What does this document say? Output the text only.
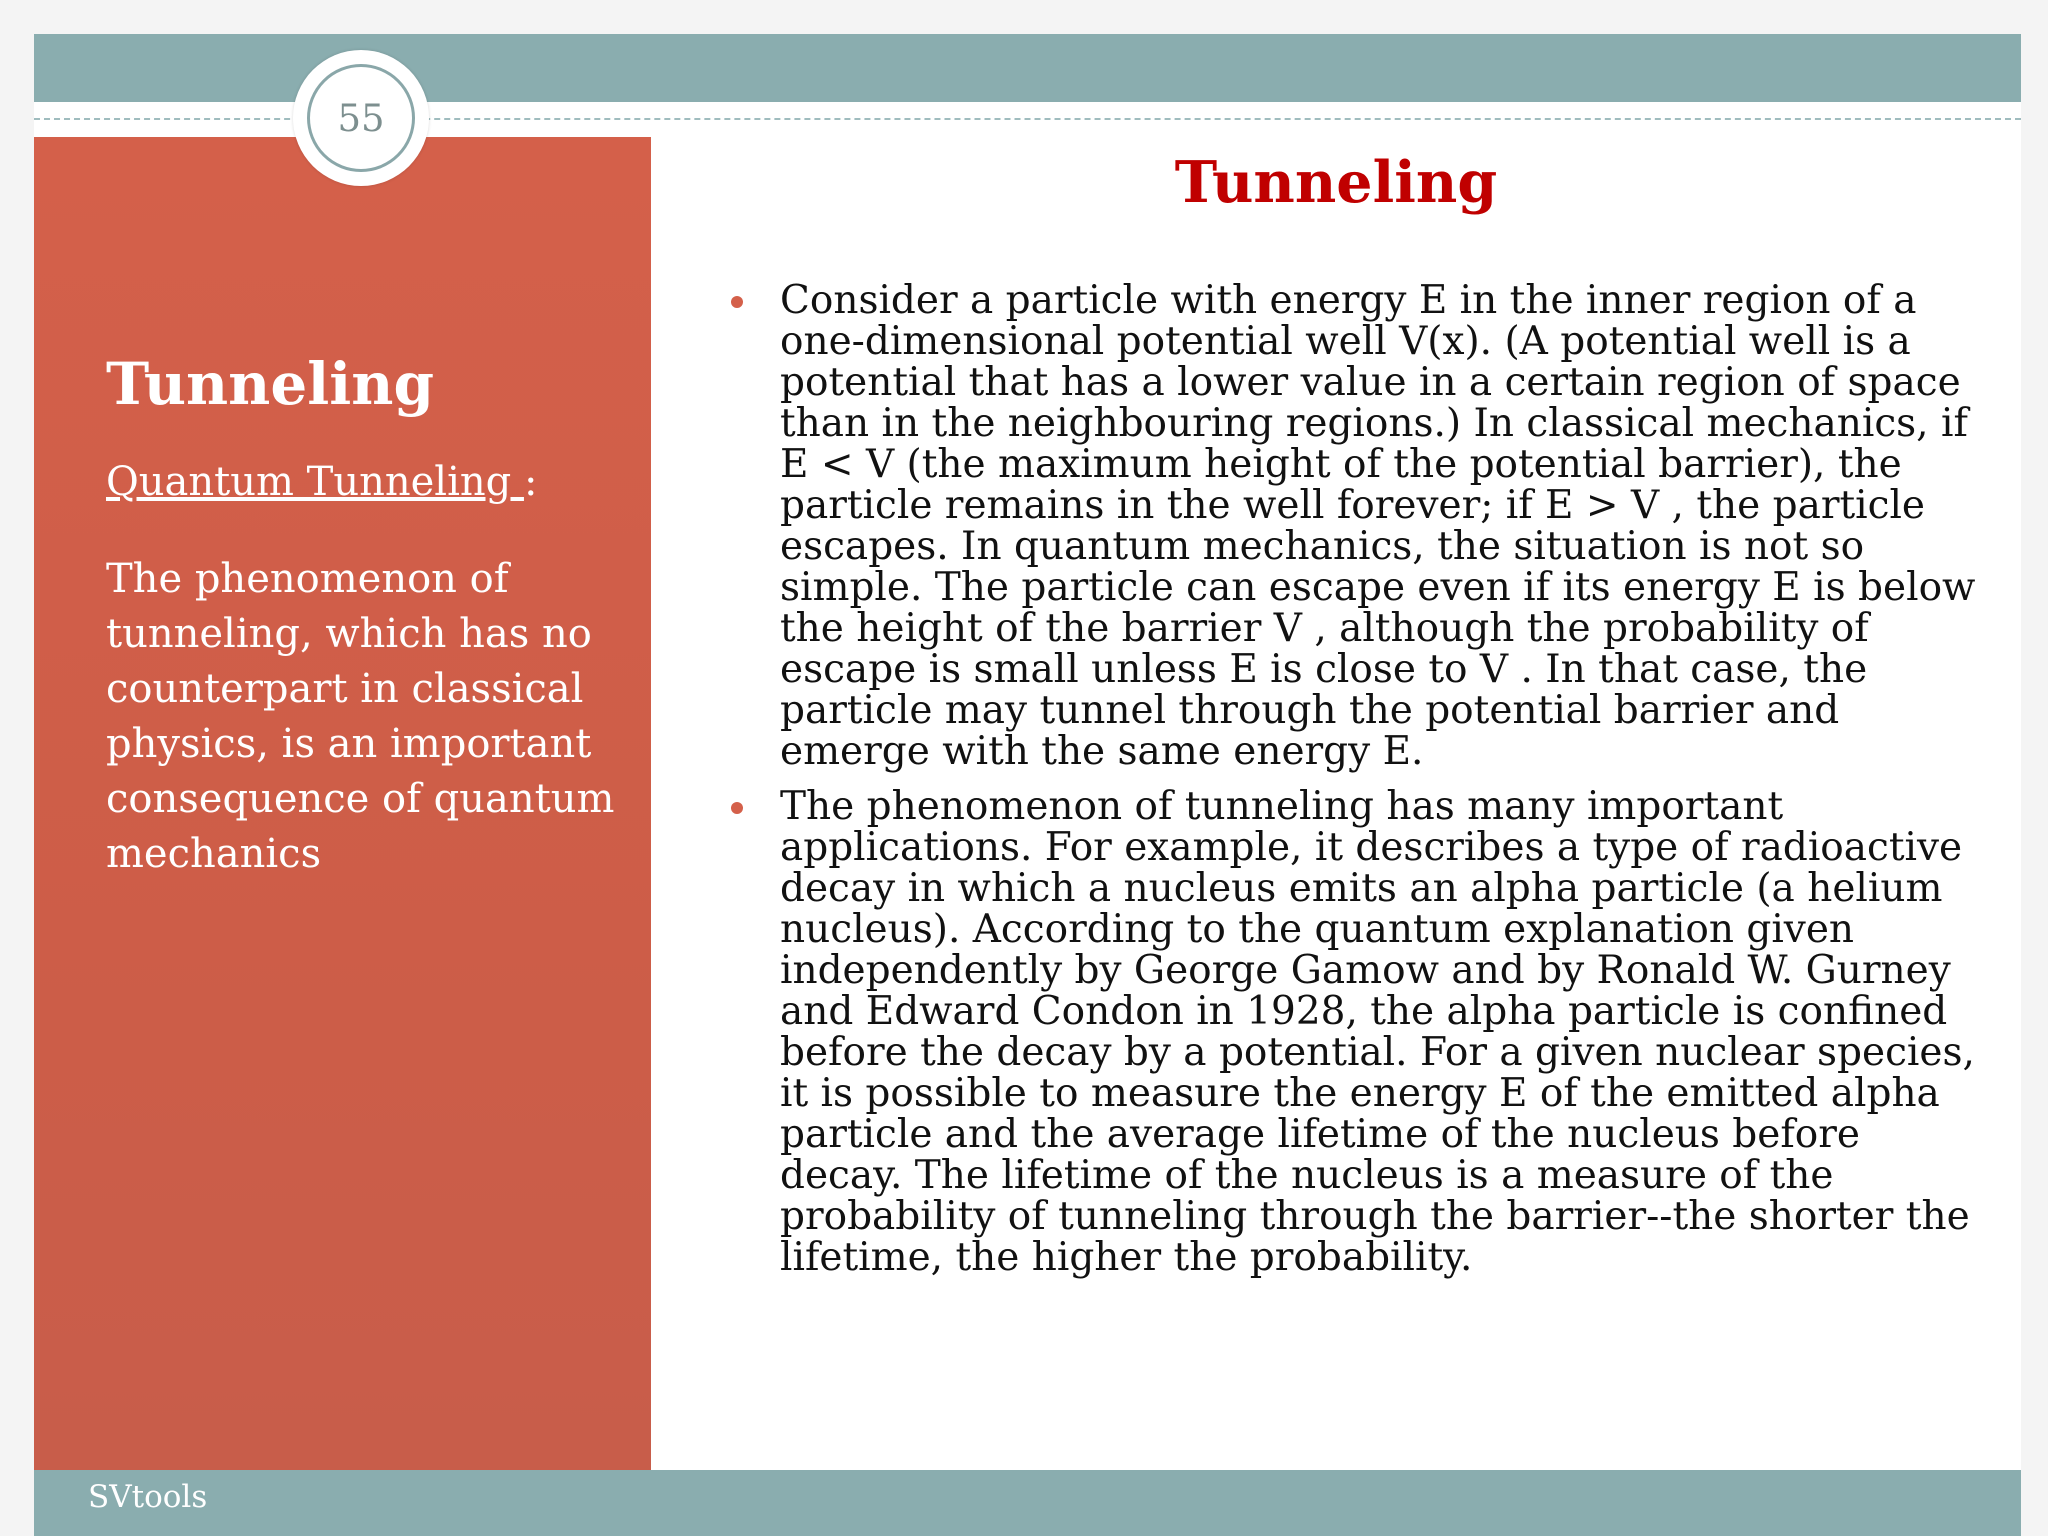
Tunneling
Quantum Tunneling :
The phenomenon of tunneling, which has no counterpart in classical physics, is an important consequence of quantum mechanics
55
Tunneling
Consider a particle with energy E in the inner region of a one-dimensional potential well V(x). (A potential well is a potential that has a lower value in a certain region of space than in the neighbouring regions.) In classical mechanics, if E < V (the maximum height of the potential barrier), the particle remains in the well forever; if E > V , the particle escapes. In quantum mechanics, the situation is not so simple. The particle can escape even if its energy E is below the height of the barrier V , although the probability of escape is small unless E is close to V . In that case, the particle may tunnel through the potential barrier and emerge with the same energy E.
The phenomenon of tunneling has many important applications. For example, it describes a type of radioactive decay in which a nucleus emits an alpha particle (a helium nucleus). According to the quantum explanation given independently by George Gamow and by Ronald W. Gurney and Edward Condon in 1928, the alpha particle is confined before the decay by a potential. For a given nuclear species, it is possible to measure the energy E of the emitted alpha particle and the average lifetime of the nucleus before decay. The lifetime of the nucleus is a measure of the probability of tunneling through the barrier--the shorter the lifetime, the higher the probability.
SVtools
